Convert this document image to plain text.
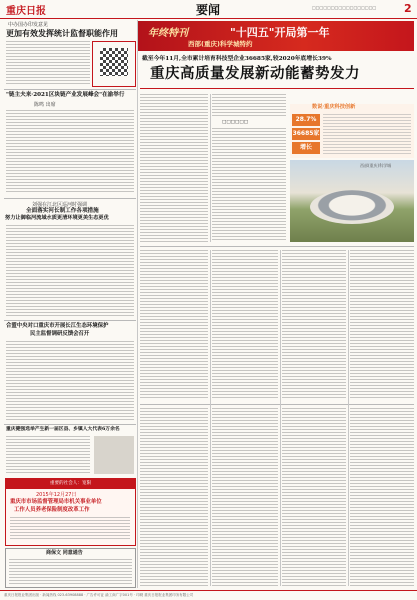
重庆日报	要闻	□□□□□□□□□□□□□□□□□	2
中办国办印发意见
更加有效发挥统计监督职能作用
"链主夫来·2021区块链产业发展峰会"在渝举行
陈鸣 出席
刘强在江北区巡河时强调
全面落实河长制工作各项措施
努力让御临河流域水质更清环境更美生态更优
合盟中央对口重庆市开展长江生态环境保护
民主监督调研反馈会召开
重庆健强选举产生新一届区县、乡镇人大代表6万余名
重要的社会人：宽限
2015年12月27日
重庆市市场监督管理局市机关事业单位
工作人员养老保险制度改革工作
商保文 同意通告
年终特刊	"十四五"开局第一年
西部(重庆)科学城特约
截至今年11月,全市累计培育科技型企业36685家,较2020年底增长39%
重庆高质量发展新动能蓄势发力
□□□□□□
数说·重庆科技创新
28.7%
36685家
增长
西部(重庆)科学城
重庆日报报业集团出版 · 新闻热线 023-63908888 · 广告许可证 渝工商广字001号 · 印刷 重庆日报报业集团印务有限公司
